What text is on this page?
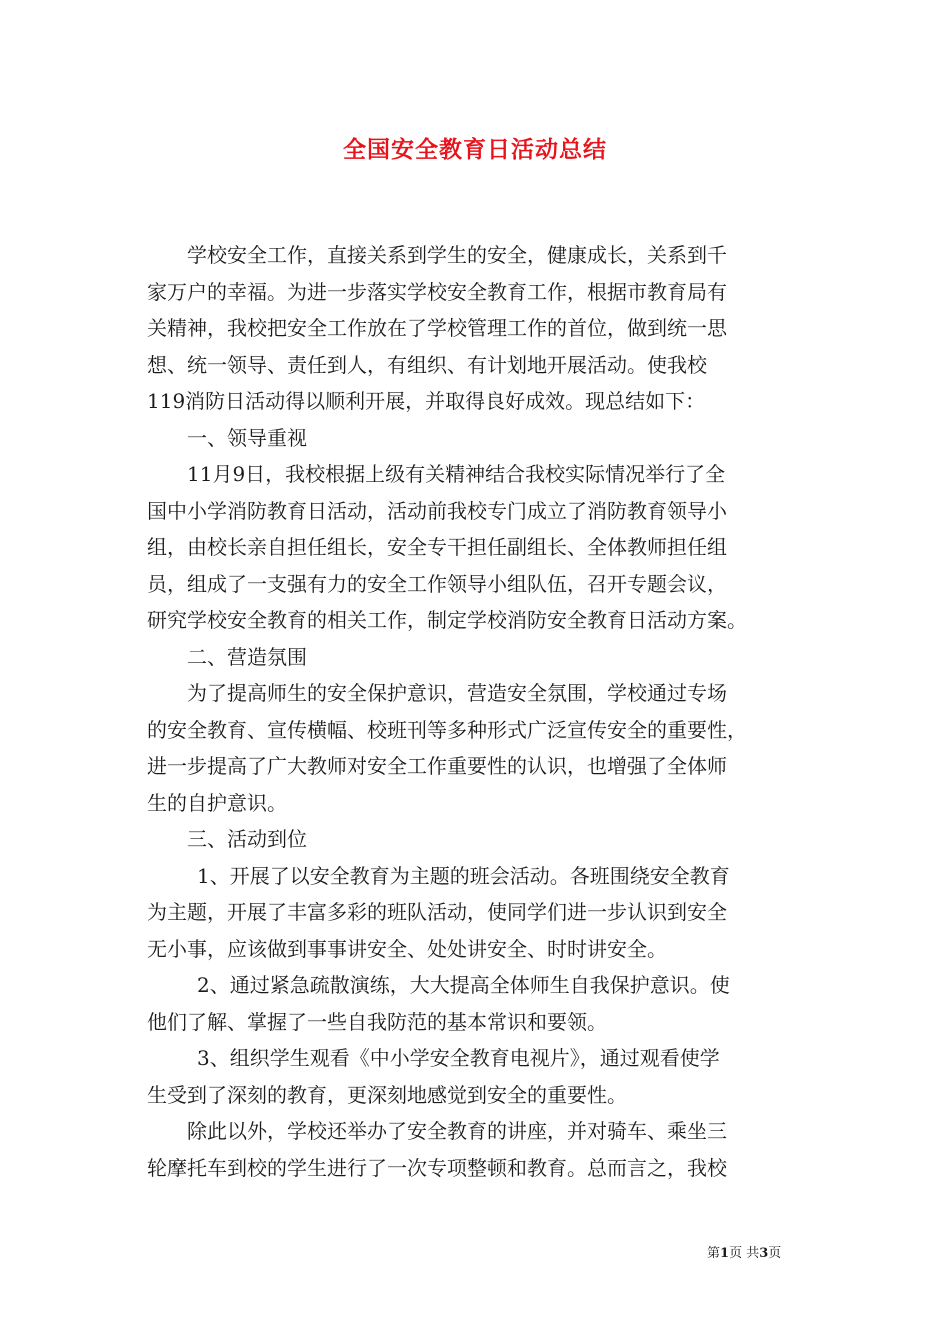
全国安全教育日活动总结
学校安全工作，直接关系到学生的安全，健康成长，关系到千
家万户的幸福。为进一步落实学校安全教育工作，根据市教育局有
关精神，我校把安全工作放在了学校管理工作的首位，做到统一思
想、统一领导、责任到人，有组织、有计划地开展活动。使我校
119消防日活动得以顺利开展，并取得良好成效。现总结如下：
一、领导重视
11月9日，我校根据上级有关精神结合我校实际情况举行了全
国中小学消防教育日活动，活动前我校专门成立了消防教育领导小
组，由校长亲自担任组长，安全专干担任副组长、全体教师担任组
员，组成了一支强有力的安全工作领导小组队伍，召开专题会议，
研究学校安全教育的相关工作，制定学校消防安全教育日活动方案。
二、营造氛围
为了提高师生的安全保护意识，营造安全氛围，学校通过专场
的安全教育、宣传横幅、校班刊等多种形式广泛宣传安全的重要性，
进一步提高了广大教师对安全工作重要性的认识，也增强了全体师
生的自护意识。
三、活动到位
1、开展了以安全教育为主题的班会活动。各班围绕安全教育
为主题，开展了丰富多彩的班队活动，使同学们进一步认识到安全
无小事，应该做到事事讲安全、处处讲安全、时时讲安全。
2、通过紧急疏散演练，大大提高全体师生自我保护意识。使
他们了解、掌握了一些自我防范的基本常识和要领。
3、组织学生观看《中小学安全教育电视片》，通过观看使学
生受到了深刻的教育，更深刻地感觉到安全的重要性。
除此以外，学校还举办了安全教育的讲座，并对骑车、乘坐三
轮摩托车到校的学生进行了一次专项整顿和教育。总而言之，我校
第1页 共3页
